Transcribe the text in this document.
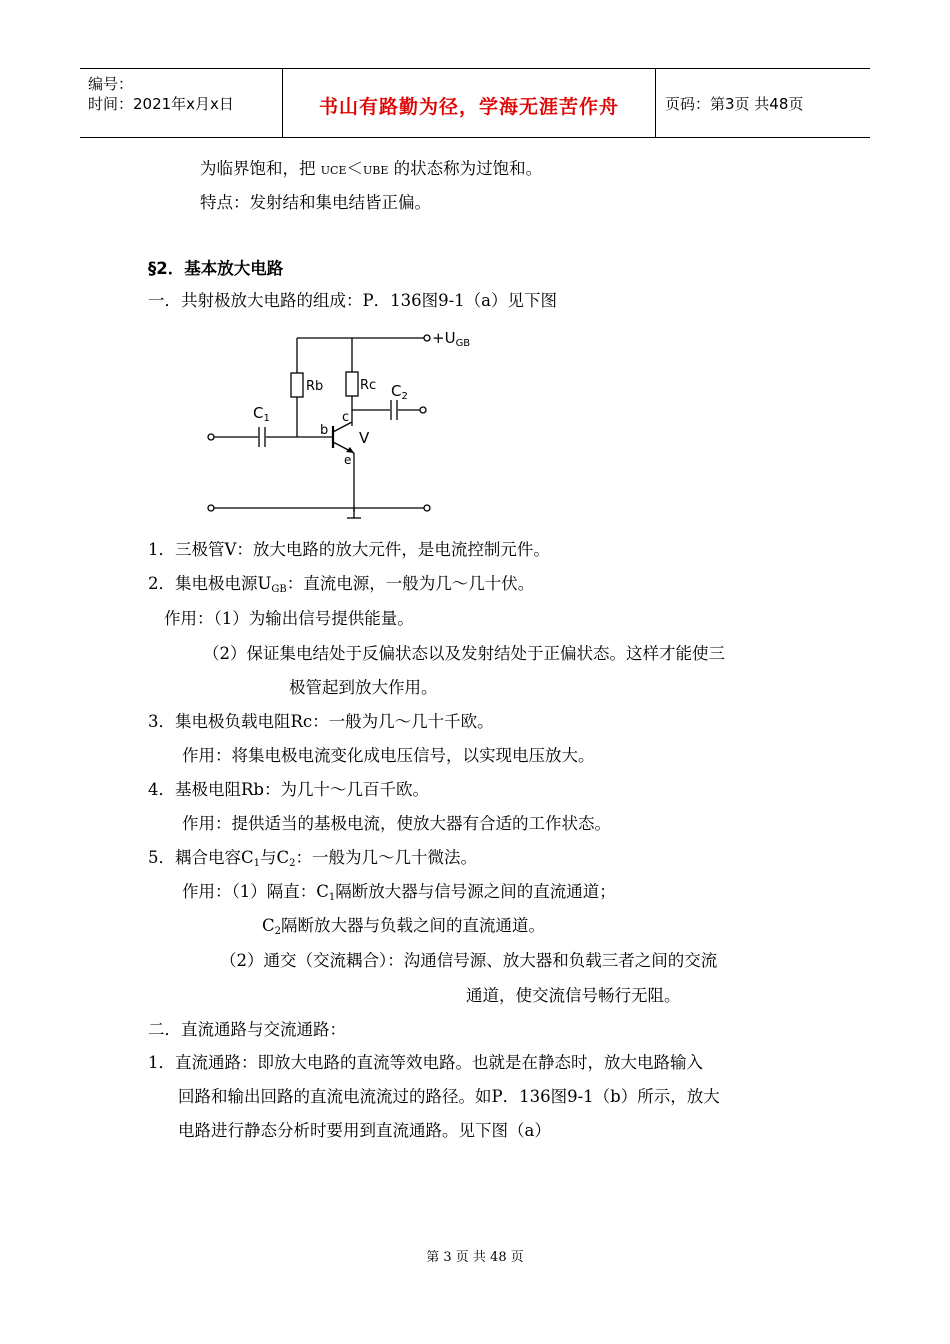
编号：
时间：2021年x月x日	书山有路勤为径，学海无涯苦作舟	页码：第3页 共48页
为临界饱和，把 UCE＜UBE 的状态称为过饱和。
特点：发射结和集电结皆正偏。
§2．基本放大电路
一．共射极放大电路的组成：P．136图9-1（a）见下图
$+U_{GB}$
Rb	Rc
$C_1$
$C_2$
b
c
e
V
1．三极管V：放大电路的放大元件，是电流控制元件。
2．集电极电源$U_{GB}$：直流电源，一般为几～几十伏。
作用：（1）为输出信号提供能量。
（2）保证集电结处于反偏状态以及发射结处于正偏状态。这样才能使三
极管起到放大作用。
3．集电极负载电阻Rc：一般为几～几十千欧。
作用：将集电极电流变化成电压信号，以实现电压放大。
4．基极电阻Rb：为几十～几百千欧。
作用：提供适当的基极电流，使放大器有合适的工作状态。
5．耦合电容$C_1$与$C_2$：一般为几～几十微法。
作用：（1）隔直：$C_1$隔断放大器与信号源之间的直流通道；
$C_2$隔断放大器与负载之间的直流通道。
（2）通交（交流耦合）：沟通信号源、放大器和负载三者之间的交流
通道，使交流信号畅行无阻。
二．直流通路与交流通路：
1．直流通路：即放大电路的直流等效电路。也就是在静态时，放大电路输入
回路和输出回路的直流电流流过的路径。如P．136图9-1（b）所示，放大
电路进行静态分析时要用到直流通路。见下图（a）
第 3 页 共 48 页
